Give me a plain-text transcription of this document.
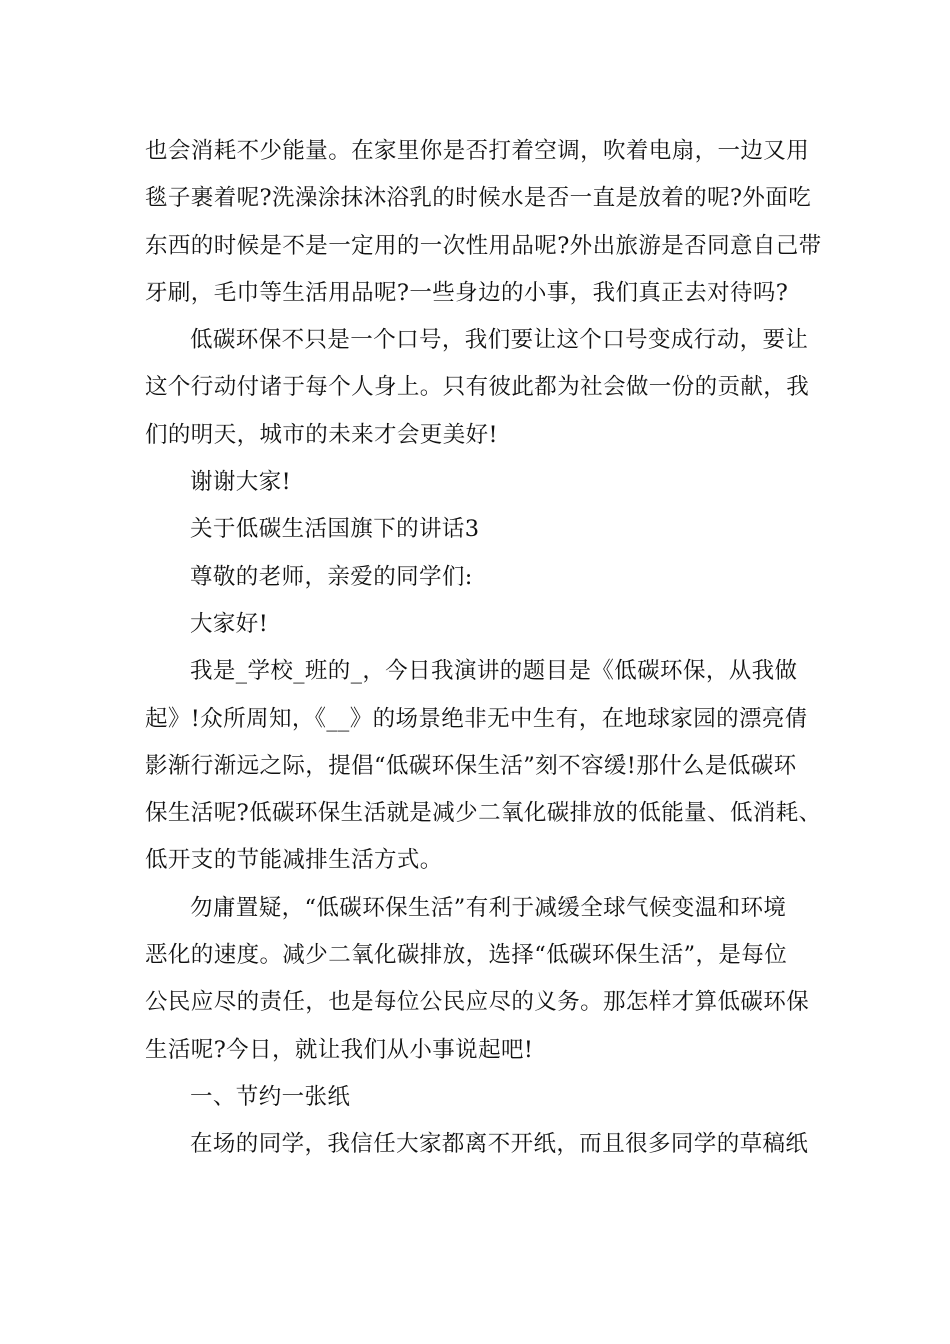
也会消耗不少能量。在家里你是否打着空调，吹着电扇，一边又用
毯子裹着呢?洗澡涂抹沐浴乳的时候水是否一直是放着的呢?外面吃
东西的时候是不是一定用的一次性用品呢?外出旅游是否同意自己带
牙刷，毛巾等生活用品呢?一些身边的小事，我们真正去对待吗?
低碳环保不只是一个口号，我们要让这个口号变成行动，要让
这个行动付诸于每个人身上。只有彼此都为社会做一份的贡献，我
们的明天，城市的未来才会更美好!
谢谢大家!
关于低碳生活国旗下的讲话3
尊敬的老师，亲爱的同学们:
大家好!
我是_学校_班的_，今日我演讲的题目是《低碳环保，从我做
起》!众所周知，《__》的场景绝非无中生有，在地球家园的漂亮倩
影渐行渐远之际，提倡“低碳环保生活”刻不容缓!那什么是低碳环
保生活呢?低碳环保生活就是减少二氧化碳排放的低能量、低消耗、
低开支的节能减排生活方式。
勿庸置疑，“低碳环保生活”有利于减缓全球气候变温和环境
恶化的速度。减少二氧化碳排放，选择“低碳环保生活”，是每位
公民应尽的责任，也是每位公民应尽的义务。那怎样才算低碳环保
生活呢?今日，就让我们从小事说起吧!
一、节约一张纸
在场的同学，我信任大家都离不开纸，而且很多同学的草稿纸
